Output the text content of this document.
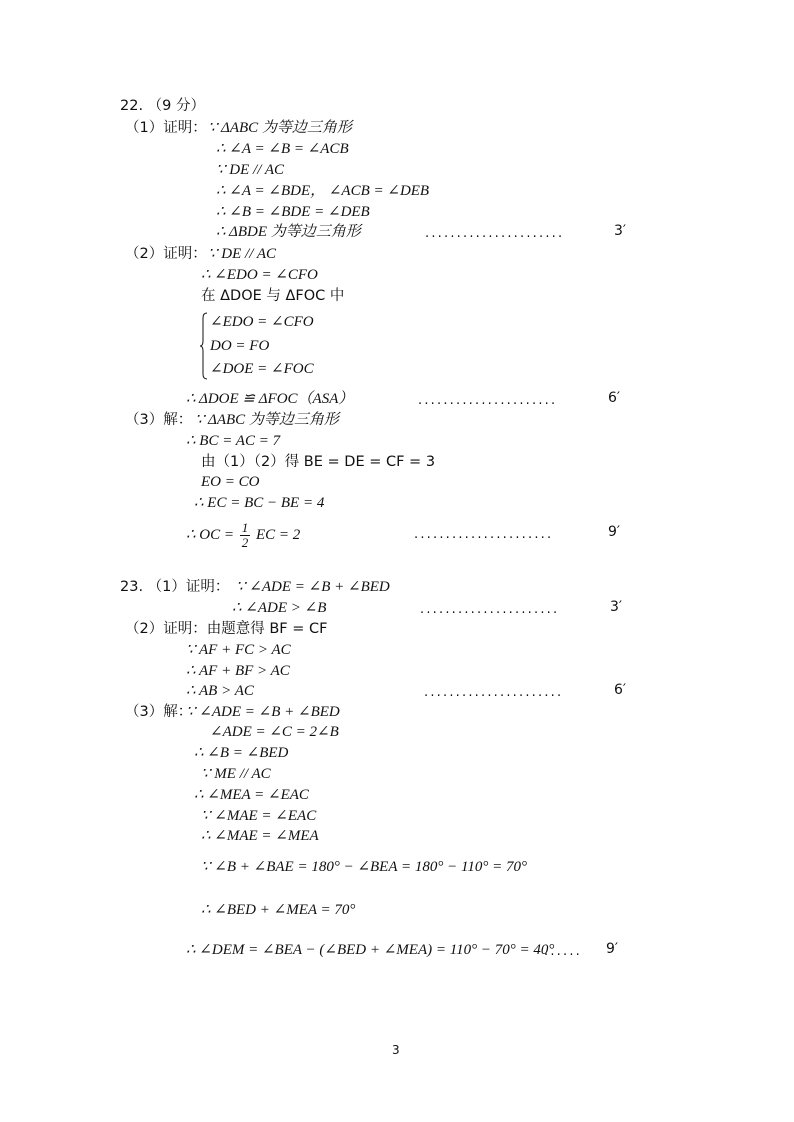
22. （9 分）
（1）证明： ∵ ΔABC 为等边三角形
∴ ∠A = ∠B = ∠ACB
∵ DE // AC
∴ ∠A = ∠BDE， ∠ACB = ∠DEB
∴ ∠B = ∠BDE = ∠DEB
∴ ΔBDE 为等边三角形	......................	3′
（2）证明： ∵ DE // AC
∴ ∠EDO = ∠CFO
在 ΔDOE 与 ΔFOC 中
∠EDO = ∠CFO
DO = FO
∠DOE = ∠FOC
∴ ΔDOE ≌ ΔFOC（ASA）	......................	6′
（3）解： ∵ ΔABC 为等边三角形
∴ BC = AC = 7
由（1）（2）得 BE = DE = CF = 3
EO = CO
∴ EC = BC − BE = 4
∴ OC = $\frac{1}{2}$ EC = 2	......................	9′
23. （1）证明： ∵ ∠ADE = ∠B + ∠BED
∴ ∠ADE > ∠B	......................	3′
（2）证明：由题意得 BF = CF
∵ AF + FC > AC
∴ AF + BF > AC
∴ AB > AC	......................	6′
（3）解：
∵ ∠ADE = ∠B + ∠BED
∠ADE = ∠C = 2∠B
∴ ∠B = ∠BED
∵ ME // AC
∴ ∠MEA = ∠EAC
∵ ∠MAE = ∠EAC
∴ ∠MAE = ∠MEA
∵ ∠B + ∠BAE = 180° − ∠BEA = 180° − 110° = 70°
∴ ∠BED + ∠MEA = 70°
∴ ∠DEM = ∠BEA − (∠BED + ∠MEA) = 110° − 70° = 40°
...... 9′
3
